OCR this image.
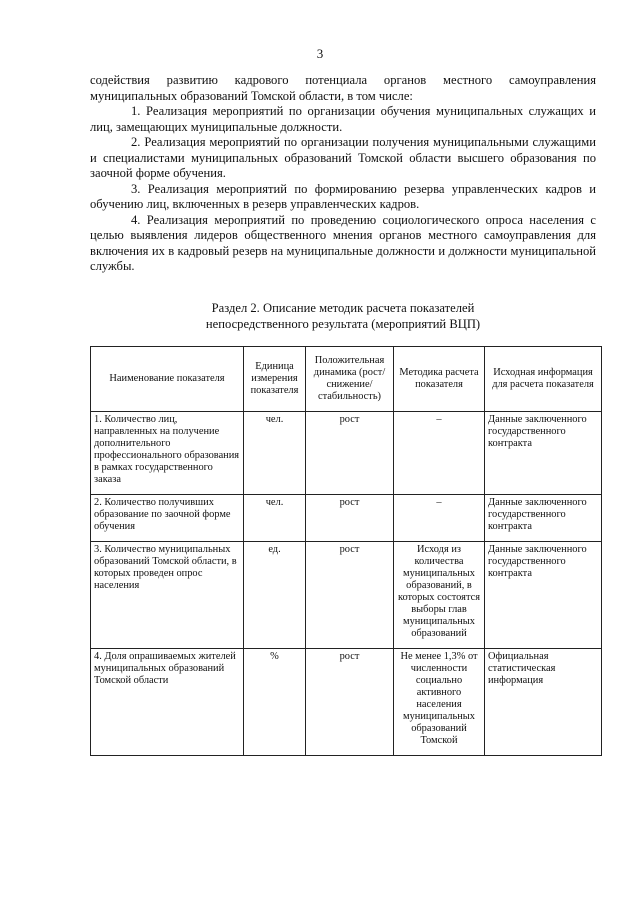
3

содействия развитию кадрового потенциала органов местного самоуправления муниципальных образований Томской области, в том числе:

1. Реализация мероприятий по организации обучения муниципальных служащих и лиц, замещающих муниципальные должности.

2. Реализация мероприятий по организации получения муниципальными служащими и специалистами муниципальных образований Томской области высшего образования по заочной форме обучения.

3. Реализация мероприятий по формированию резерва управленческих кадров и обучению лиц, включенных в резерв управленческих кадров.

4. Реализация мероприятий по проведению социологического опроса населения с целью выявления лидеров общественного мнения органов местного самоуправления для включения их в кадровый резерв на муниципальные должности и должности муниципальной службы.

Раздел 2. Описание методик расчета показателей
непосредственного результата (мероприятий ВЦП)
Наименование показателя	Единица измерения показателя	Положительная динамика (рост/снижение/ стабильность)	Методика расчета показателя	Исходная информация для расчета показателя
1. Количество лиц, направленных на получение дополнительного профессионального образования в рамках государственного заказа	чел.	рост	–	Данные заключенного государственного контракта
2. Количество получивших образование по заочной форме обучения	чел.	рост	–	Данные заключенного государственного контракта
3. Количество муниципальных образований Томской области, в которых проведен опрос населения	ед.	рост	Исходя из количества муниципальных образований, в которых состоятся выборы глав муниципальных образований	Данные заключенного государственного контракта
4. Доля опрашиваемых жителей муниципальных образований Томской области	%	рост	Не менее 1,3% от численности социально активного населения муниципальных образований Томской	Официальная статистическая информация
